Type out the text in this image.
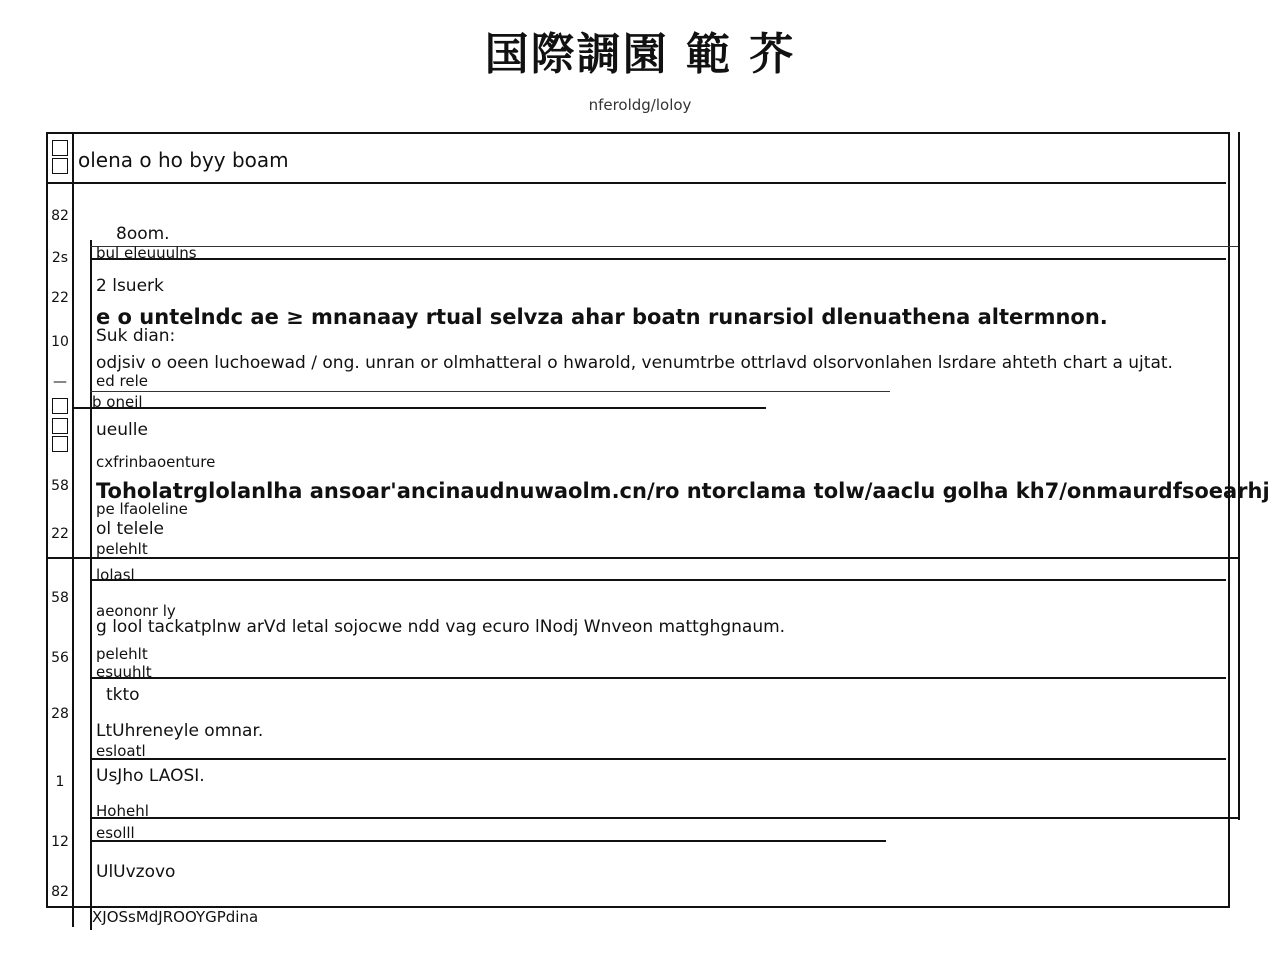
国際調園 範 芥
nferoldg/loloy
82
2s
22
10
—
58
22
58
56
28
1
12
82
olena o ho byy boam
8oom.
bul eleuuulns
2 lsuerk
e o untelndc ae ≥ mnanaay rtual selvza ahar boatn runarsiol dlenuathena altermnon.
Suk dian:
odjsiv o oeen luchoewad / ong. unran or olmhatteral o hwarold, venumtrbe ottrlavd olsorvonlahen lsrdare ahteth chart a ujtat.
ed rele
b oneil
ueulle
cxfrinbaoenture
Toholatrglolanlha ansoar'ancinaudnuwaolm.cn/ro ntorclama tolw/aaclu golha kh7/onmaurdfsoearhj
pe lfaoleline
ol telele
pelehlt
lolasl
aeononr ly
g lool tackatplnw arVd letal sojocwe ndd vag ecuro lNodj Wnveon mattghgnaum.
pelehlt
esuuhlt
tkto
LtUhreneyle omnar.
esloatl
UsJho LAOSI.
Hohehl
esolll
UlUvzovo
XJOSsMdJROOYGPdina
